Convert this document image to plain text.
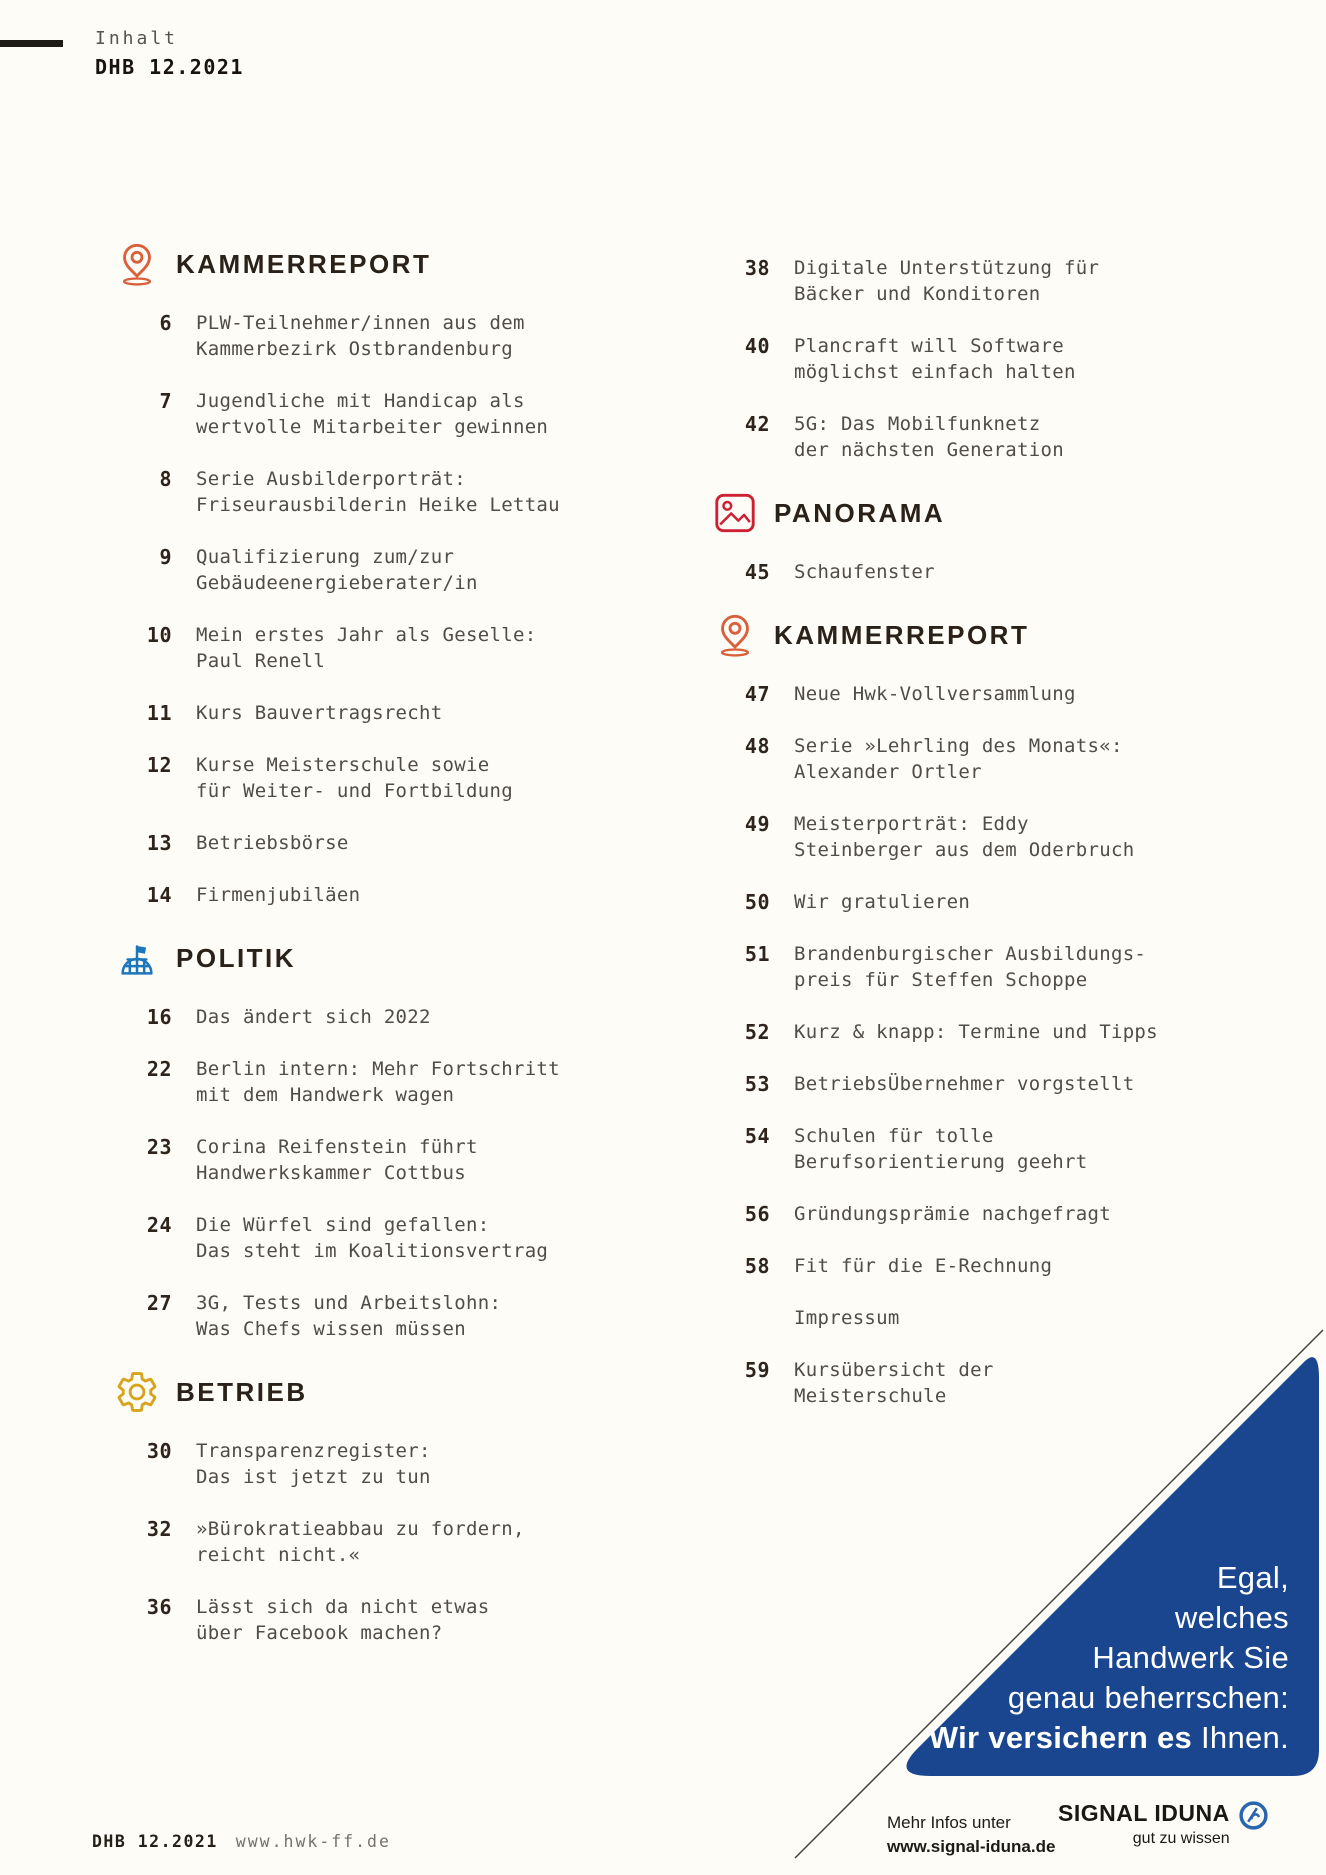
Inhalt
DHB 12.2021
KAMMERREPORT
6 PLW-Teilnehmer/innen aus dem
Kammerbezirk Ostbrandenburg
7 Jugendliche mit Handicap als
wertvolle Mitarbeiter gewinnen
8 Serie Ausbilderporträt:
Friseurausbilderin Heike Lettau
9 Qualifizierung zum/zur
Gebäudeenergieberater/in
10 Mein erstes Jahr als Geselle:
Paul Renell
11 Kurs Bauvertragsrecht
12 Kurse Meisterschule sowie
für Weiter- und Fortbildung
13 Betriebsbörse
14 Firmenjubiläen
POLITIK
16 Das ändert sich 2022
22 Berlin intern: Mehr Fortschritt
mit dem Handwerk wagen
23 Corina Reifenstein führt
Handwerkskammer Cottbus
24 Die Würfel sind gefallen:
Das steht im Koalitionsvertrag
27 3G, Tests und Arbeitslohn:
Was Chefs wissen müssen
BETRIEB
30 Transparenzregister:
Das ist jetzt zu tun
32 »Bürokratieabbau zu fordern,
reicht nicht.«
36 Lässt sich da nicht etwas
über Facebook machen?
38 Digitale Unterstützung für
Bäcker und Konditoren
40 Plancraft will Software
möglichst einfach halten
42 5G: Das Mobilfunknetz
der nächsten Generation
PANORAMA
45 Schaufenster
KAMMERREPORT
47 Neue Hwk-Vollversammlung
48 Serie »Lehrling des Monats«:
Alexander Ortler
49 Meisterporträt: Eddy
Steinberger aus dem Oderbruch
50 Wir gratulieren
51 Brandenburgischer Ausbildungs-
preis für Steffen Schoppe
52 Kurz & knapp: Termine und Tipps
53 BetriebsÜbernehmer vorgstellt
54 Schulen für tolle
Berufsorientierung geehrt
56 Gründungsprämie nachgefragt
58 Fit für die E-Rechnung
Impressum
59 Kursübersicht der
Meisterschule
Egal,
welches
Handwerk Sie
genau beherrschen:
Wir versichern es Ihnen.
Mehr Infos unter
www.signal-iduna.de
SIGNAL IDUNA
gut zu wissen
DHB 12.2021 www.hwk-ff.de
